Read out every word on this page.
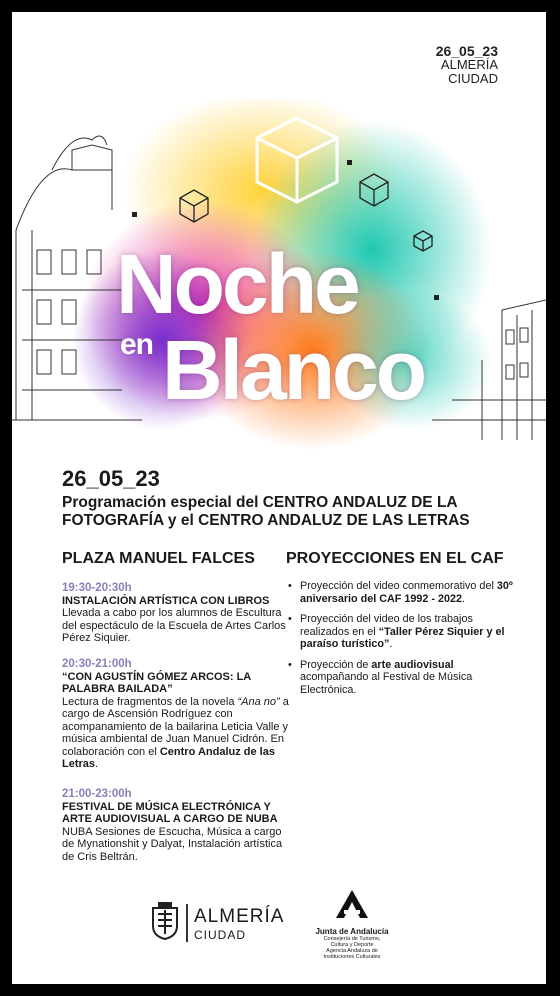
26_05_23
ALMERÍA
CIUDAD
Noche
en Blanco
26_05_23
Programación especial del CENTRO ANDALUZ DE LA FOTOGRAFÍA y el CENTRO ANDALUZ DE LAS LETRAS
PLAZA MANUEL FALCES PROYECCIONES EN EL CAF
19:30-20:30h
INSTALACIÓN ARTÍSTICA CON LIBROS
Llevada a cabo por los alumnos de Escultura del espectáculo de la Escuela de Artes Carlos Pérez Siquier.
20:30-21:00h
“CON AGUSTÍN GÓMEZ ARCOS: LA PALABRA BAILADA”
Lectura de fragmentos de la novela “Ana no” a cargo de Ascensión Rodríguez con acompanamiento de la bailarina Leticia Valle y música ambiental de Juan Manuel Cidrón. En colaboración con el Centro Andaluz de las Letras.
21:00-23:00h
FESTIVAL DE MÚSICA ELECTRÓNICA Y ARTE AUDIOVISUAL A CARGO DE NUBA
NUBA Sesiones de Escucha, Música a cargo de Mynationshit y Dalyat, Instalación artística de Cris Beltrán.
• Proyección del video conmemorativo del 30º aniversario del CAF 1992 - 2022.
• Proyección del video de los trabajos realizados en el “Taller Pérez Siquier y el paraíso turístico”.
• Proyección de arte audiovisual acompañando al Festival de Música Electrónica.
ALMERÍA
CIUDAD	Junta de Andalucía
Consejería de Turismo,
Cultura y Deporte
Agencia Andaluza de
Instituciones Culturales
